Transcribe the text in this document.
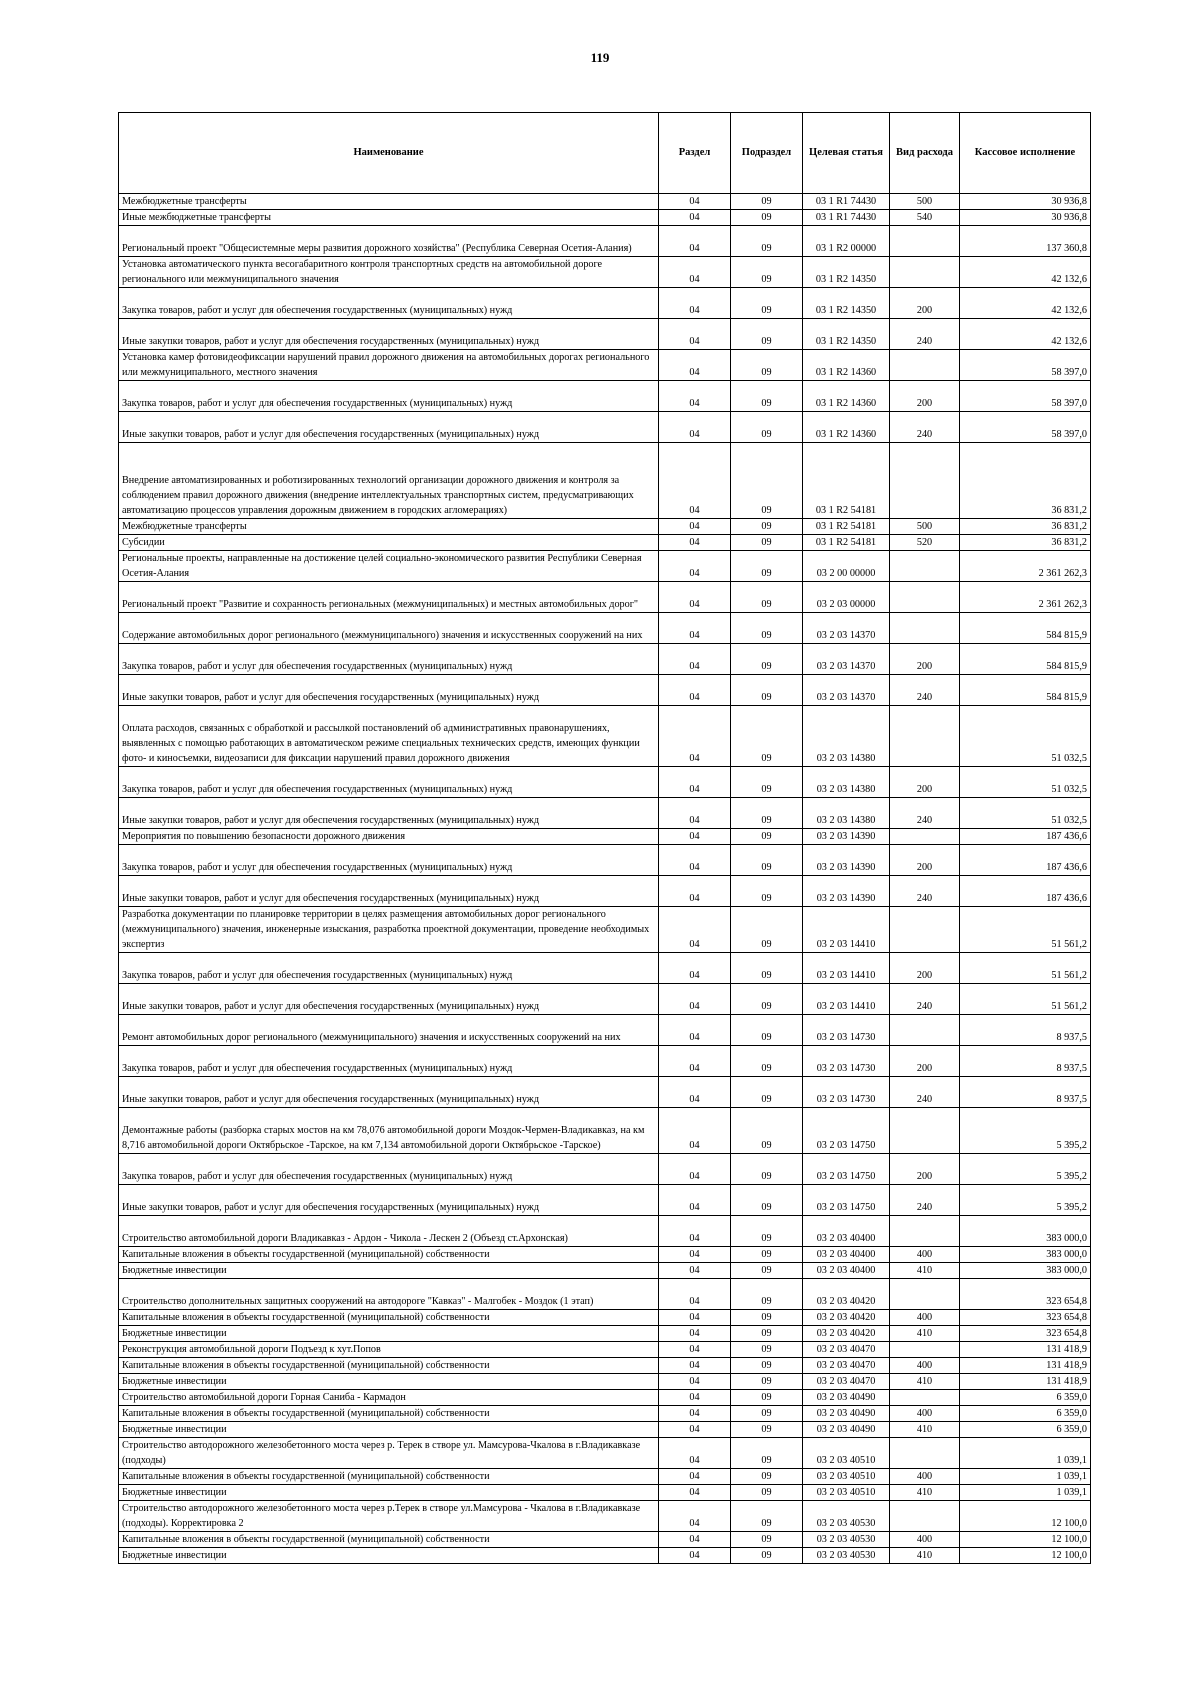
119
Наименование	Раздел	Подраздел	Целевая статья	Вид расхода	Кассовое исполнение
Межбюджетные трансферты	04	09	03 1 R1 74430	500	30 936,8
Иные межбюджетные трансферты	04	09	03 1 R1 74430	540	30 936,8
Региональный проект "Общесистемные меры развития дорожного хозяйства" (Республика Северная Осетия-Алания)	04	09	03 1 R2 00000		137 360,8
Установка автоматического пункта весогабаритного контроля транспортных средств на автомобильной дороге регионального или межмуниципального значения	04	09	03 1 R2 14350		42 132,6
Закупка товаров, работ и услуг для обеспечения государственных (муниципальных) нужд	04	09	03 1 R2 14350	200	42 132,6
Иные закупки товаров, работ и услуг для обеспечения государственных (муниципальных) нужд	04	09	03 1 R2 14350	240	42 132,6
Установка камер фотовидеофиксации нарушений правил дорожного движения на автомобильных дорогах регионального или межмуниципального, местного значения	04	09	03 1 R2 14360		58 397,0
Закупка товаров, работ и услуг для обеспечения государственных (муниципальных) нужд	04	09	03 1 R2 14360	200	58 397,0
Иные закупки товаров, работ и услуг для обеспечения государственных (муниципальных) нужд	04	09	03 1 R2 14360	240	58 397,0
Внедрение автоматизированных и роботизированных технологий организации дорожного движения и контроля за соблюдением правил дорожного движения (внедрение интеллектуальных транспортных систем, предусматривающих автоматизацию процессов управления дорожным движением в городских агломерациях)	04	09	03 1 R2 54181		36 831,2
Межбюджетные трансферты	04	09	03 1 R2 54181	500	36 831,2
Субсидии	04	09	03 1 R2 54181	520	36 831,2
Региональные проекты, направленные на достижение целей социально-экономического развития Республики Северная Осетия-Алания	04	09	03 2 00 00000		2 361 262,3
Региональный проект "Развитие и сохранность региональных (межмуниципальных) и местных автомобильных дорог"	04	09	03 2 03 00000		2 361 262,3
Содержание автомобильных дорог регионального (межмуниципального) значения и искусственных сооружений на них	04	09	03 2 03 14370		584 815,9
Закупка товаров, работ и услуг для обеспечения государственных (муниципальных) нужд	04	09	03 2 03 14370	200	584 815,9
Иные закупки товаров, работ и услуг для обеспечения государственных (муниципальных) нужд	04	09	03 2 03 14370	240	584 815,9
Оплата расходов, связанных с обработкой и рассылкой постановлений об административных правонарушениях, выявленных с помощью работающих в автоматическом режиме специальных технических средств, имеющих функции фото- и киносъемки, видеозаписи для фиксации нарушений правил дорожного движения	04	09	03 2 03 14380		51 032,5
Закупка товаров, работ и услуг для обеспечения государственных (муниципальных) нужд	04	09	03 2 03 14380	200	51 032,5
Иные закупки товаров, работ и услуг для обеспечения государственных (муниципальных) нужд	04	09	03 2 03 14380	240	51 032,5
Мероприятия по повышению безопасности дорожного движения	04	09	03 2 03 14390		187 436,6
Закупка товаров, работ и услуг для обеспечения государственных (муниципальных) нужд	04	09	03 2 03 14390	200	187 436,6
Иные закупки товаров, работ и услуг для обеспечения государственных (муниципальных) нужд	04	09	03 2 03 14390	240	187 436,6
Разработка документации по планировке территории в целях размещения автомобильных дорог регионального (межмуниципального) значения, инженерные изыскания, разработка проектной документации, проведение необходимых экспертиз	04	09	03 2 03 14410		51 561,2
Закупка товаров, работ и услуг для обеспечения государственных (муниципальных) нужд	04	09	03 2 03 14410	200	51 561,2
Иные закупки товаров, работ и услуг для обеспечения государственных (муниципальных) нужд	04	09	03 2 03 14410	240	51 561,2
Ремонт автомобильных дорог регионального (межмуниципального) значения и искусственных сооружений на них	04	09	03 2 03 14730		8 937,5
Закупка товаров, работ и услуг для обеспечения государственных (муниципальных) нужд	04	09	03 2 03 14730	200	8 937,5
Иные закупки товаров, работ и услуг для обеспечения государственных (муниципальных) нужд	04	09	03 2 03 14730	240	8 937,5
Демонтажные работы (разборка старых мостов на км 78,076 автомобильной дороги Моздок-Чермен-Владикавказ, на км 8,716 автомобильной дороги Октябрьское -Тарское, на км 7,134 автомобильной дороги Октябрьское -Тарское)	04	09	03 2 03 14750		5 395,2
Закупка товаров, работ и услуг для обеспечения государственных (муниципальных) нужд	04	09	03 2 03 14750	200	5 395,2
Иные закупки товаров, работ и услуг для обеспечения государственных (муниципальных) нужд	04	09	03 2 03 14750	240	5 395,2
Строительство автомобильной дороги Владикавказ - Ардон - Чикола - Лескен 2 (Объезд ст.Архонская)	04	09	03 2 03 40400		383 000,0
Капитальные вложения в объекты государственной (муниципальной) собственности	04	09	03 2 03 40400	400	383 000,0
Бюджетные инвестиции	04	09	03 2 03 40400	410	383 000,0
Строительство дополнительных защитных сооружений на автодороге "Кавказ" - Малгобек - Моздок (1 этап)	04	09	03 2 03 40420		323 654,8
Капитальные вложения в объекты государственной (муниципальной) собственности	04	09	03 2 03 40420	400	323 654,8
Бюджетные инвестиции	04	09	03 2 03 40420	410	323 654,8
Реконструкция автомобильной дороги Подъезд к хут.Попов	04	09	03 2 03 40470		131 418,9
Капитальные вложения в объекты государственной (муниципальной) собственности	04	09	03 2 03 40470	400	131 418,9
Бюджетные инвестиции	04	09	03 2 03 40470	410	131 418,9
Строительство автомобильной дороги Горная Саниба - Кармадон	04	09	03 2 03 40490		6 359,0
Капитальные вложения в объекты государственной (муниципальной) собственности	04	09	03 2 03 40490	400	6 359,0
Бюджетные инвестиции	04	09	03 2 03 40490	410	6 359,0
Строительство автодорожного железобетонного моста через р. Терек в створе ул. Мамсурова-Чкалова в г.Владикавказе (подходы)	04	09	03 2 03 40510		1 039,1
Капитальные вложения в объекты государственной (муниципальной) собственности	04	09	03 2 03 40510	400	1 039,1
Бюджетные инвестиции	04	09	03 2 03 40510	410	1 039,1
Строительство автодорожного железобетонного моста через р.Терек в створе ул.Мамсурова - Чкалова в г.Владикавказе (подходы). Корректировка 2	04	09	03 2 03 40530		12 100,0
Капитальные вложения в объекты государственной (муниципальной) собственности	04	09	03 2 03 40530	400	12 100,0
Бюджетные инвестиции	04	09	03 2 03 40530	410	12 100,0
